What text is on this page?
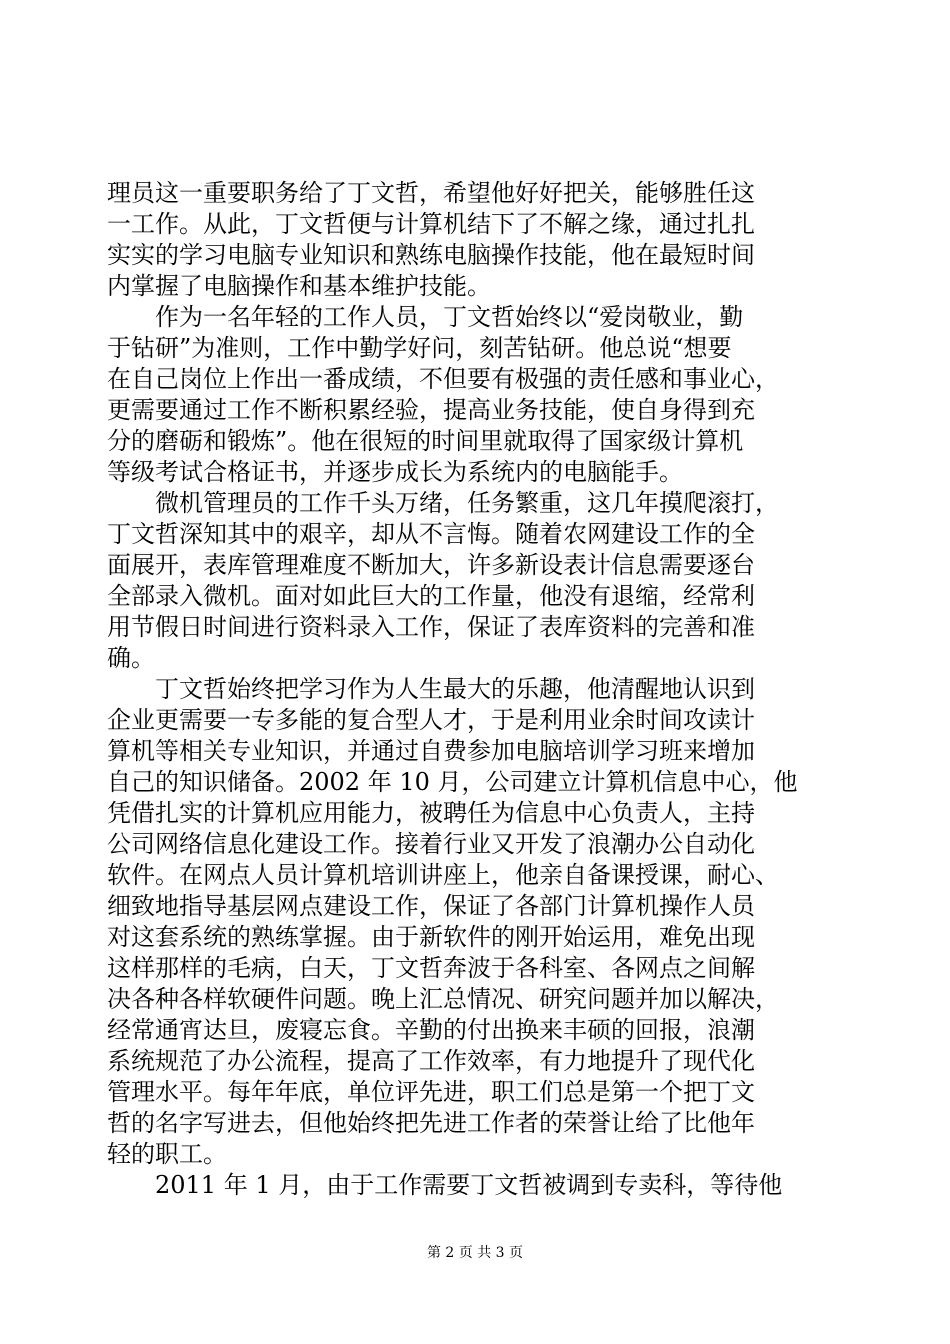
理员这一重要职务给了丁文哲，希望他好好把关，能够胜任这
一工作。从此，丁文哲便与计算机结下了不解之缘，通过扎扎
实实的学习电脑专业知识和熟练电脑操作技能，他在最短时间
内掌握了电脑操作和基本维护技能。
作为一名年轻的工作人员，丁文哲始终以“爱岗敬业，勤
于钻研”为准则，工作中勤学好问，刻苦钻研。他总说“想要
在自己岗位上作出一番成绩，不但要有极强的责任感和事业心，
更需要通过工作不断积累经验，提高业务技能，使自身得到充
分的磨砺和锻炼”。他在很短的时间里就取得了国家级计算机
等级考试合格证书，并逐步成长为系统内的电脑能手。
微机管理员的工作千头万绪，任务繁重，这几年摸爬滚打，
丁文哲深知其中的艰辛，却从不言悔。随着农网建设工作的全
面展开，表库管理难度不断加大，许多新设表计信息需要逐台
全部录入微机。面对如此巨大的工作量，他没有退缩，经常利
用节假日时间进行资料录入工作，保证了表库资料的完善和准
确。
丁文哲始终把学习作为人生最大的乐趣，他清醒地认识到
企业更需要一专多能的复合型人才，于是利用业余时间攻读计
算机等相关专业知识，并通过自费参加电脑培训学习班来增加
自己的知识储备。2002 年 10 月，公司建立计算机信息中心，他
凭借扎实的计算机应用能力，被聘任为信息中心负责人，主持
公司网络信息化建设工作。接着行业又开发了浪潮办公自动化
软件。在网点人员计算机培训讲座上，他亲自备课授课，耐心、
细致地指导基层网点建设工作，保证了各部门计算机操作人员
对这套系统的熟练掌握。由于新软件的刚开始运用，难免出现
这样那样的毛病，白天，丁文哲奔波于各科室、各网点之间解
决各种各样软硬件问题。晚上汇总情况、研究问题并加以解决，
经常通宵达旦，废寝忘食。辛勤的付出换来丰硕的回报，浪潮
系统规范了办公流程，提高了工作效率，有力地提升了现代化
管理水平。每年年底，单位评先进，职工们总是第一个把丁文
哲的名字写进去，但他始终把先进工作者的荣誉让给了比他年
轻的职工。
2011 年 1 月，由于工作需要丁文哲被调到专卖科，等待他
第 2 页 共 3 页
